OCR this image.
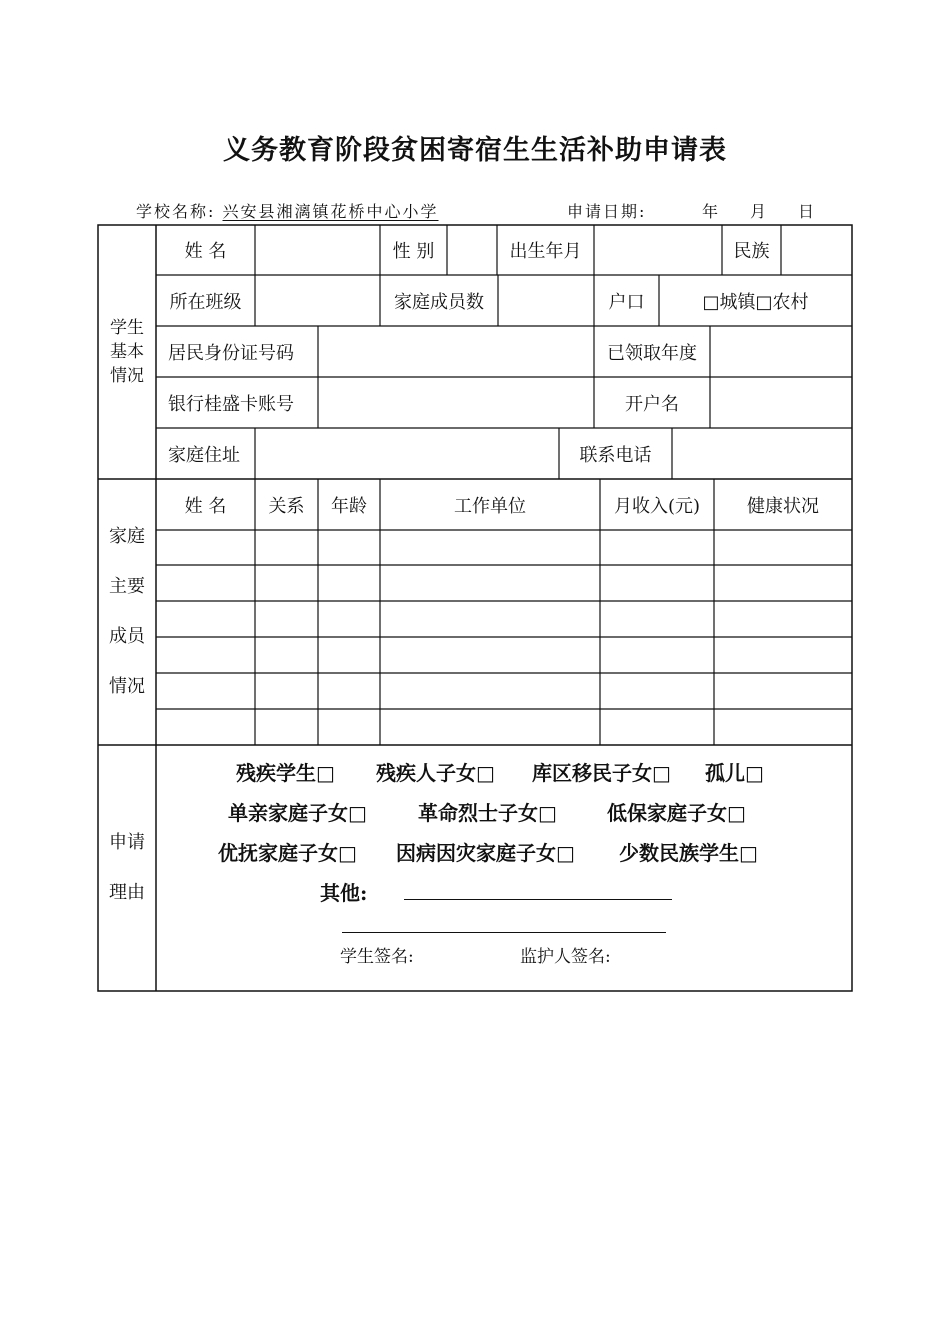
义务教育阶段贫困寄宿生生活补助申请表
学校名称: 兴安县湘漓镇花桥中心小学	申请日期:	年 月 日
学生基本情况
家庭主要成员情况
申请理由
姓 名	性 别	出生年月	民族
所在班级	家庭成员数	户口	□城镇□农村
居民身份证号码	已领取年度
银行桂盛卡账号	开户名
家庭住址	联系电话
姓 名	关系	年龄	工作单位	月收入(元)	健康状况
残疾学生□ 残疾人子女□ 库区移民子女□ 孤儿□
单亲家庭子女□	革命烈士子女□	低保家庭子女□
优抚家庭子女□ 因病因灾家庭子女□ 少数民族学生□
其他:
学生签名:	监护人签名:
